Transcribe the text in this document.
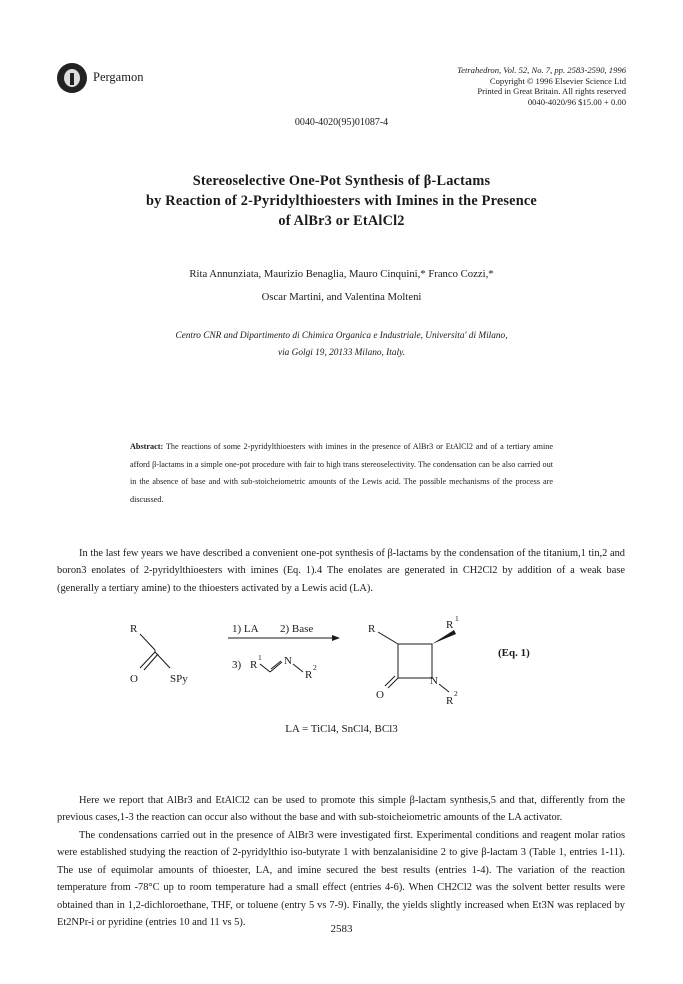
Pergamon	Tetrahedron, Vol. 52, No. 7, pp. 2583-2590, 1996
Copyright © 1996 Elsevier Science Ltd
Printed in Great Britain. All rights reserved
0040-4020/96 $15.00 + 0.00
0040-4020(95)01087-4
Stereoselective One-Pot Synthesis of β-Lactams
by Reaction of 2-Pyridylthioesters with Imines in the Presence
of AlBr3 or EtAlCl2
Rita Annunziata, Maurizio Benaglia, Mauro Cinquini,* Franco Cozzi,*
Oscar Martini, and Valentina Molteni
Centro CNR and Dipartimento di Chimica Organica e Industriale, Universita' di Milano,
via Golgi 19, 20133 Milano, Italy.
Abstract: The reactions of some 2-pyridylthioesters with imines in the presence of AlBr3 or EtAlCl2 and of a tertiary amine afford β-lactams in a simple one-pot procedure with fair to high trans stereoselectivity. The condensation can be also carried out in the absence of base and with sub-stoicheiometric amounts of the Lewis acid. The possible mechanisms of the process are discussed.
In the last few years we have described a convenient one-pot synthesis of β-lactams by the condensation of the titanium,1 tin,2 and boron3 enolates of 2-pyridylthioesters with imines (Eq. 1).4 The enolates are generated in CH2Cl2 by addition of a weak base (generally a tertiary amine) to the thioesters activated by a Lewis acid (LA).
R
O	SPy
1) LA 2) Base
3) R
1 N
R
2
R	R
1
O
N
R
2
(Eq. 1)
LA = TiCl4, SnCl4, BCl3
Here we report that AlBr3 and EtAlCl2 can be used to promote this simple β-lactam synthesis,5 and that, differently from the previous cases,1-3 the reaction can occur also without the base and with sub-stoicheiometric amounts of the LA activator.
The condensations carried out in the presence of AlBr3 were investigated first. Experimental conditions and reagent molar ratios were established studying the reaction of 2-pyridylthio iso-butyrate 1 with benzalanisidine 2 to give β-lactam 3 (Table 1, entries 1-11). The use of equimolar amounts of thioester, LA, and imine secured the best results (entries 1-4). The variation of the reaction temperature from -78°C up to room temperature had a small effect (entries 4-6). When CH2Cl2 was the solvent better results were obtained than in 1,2-dichloroethane, THF, or toluene (entry 5 vs 7-9). Finally, the yields slightly increased when Et3N was replaced by Et2NPr-i or pyridine (entries 10 and 11 vs 5).
2583
